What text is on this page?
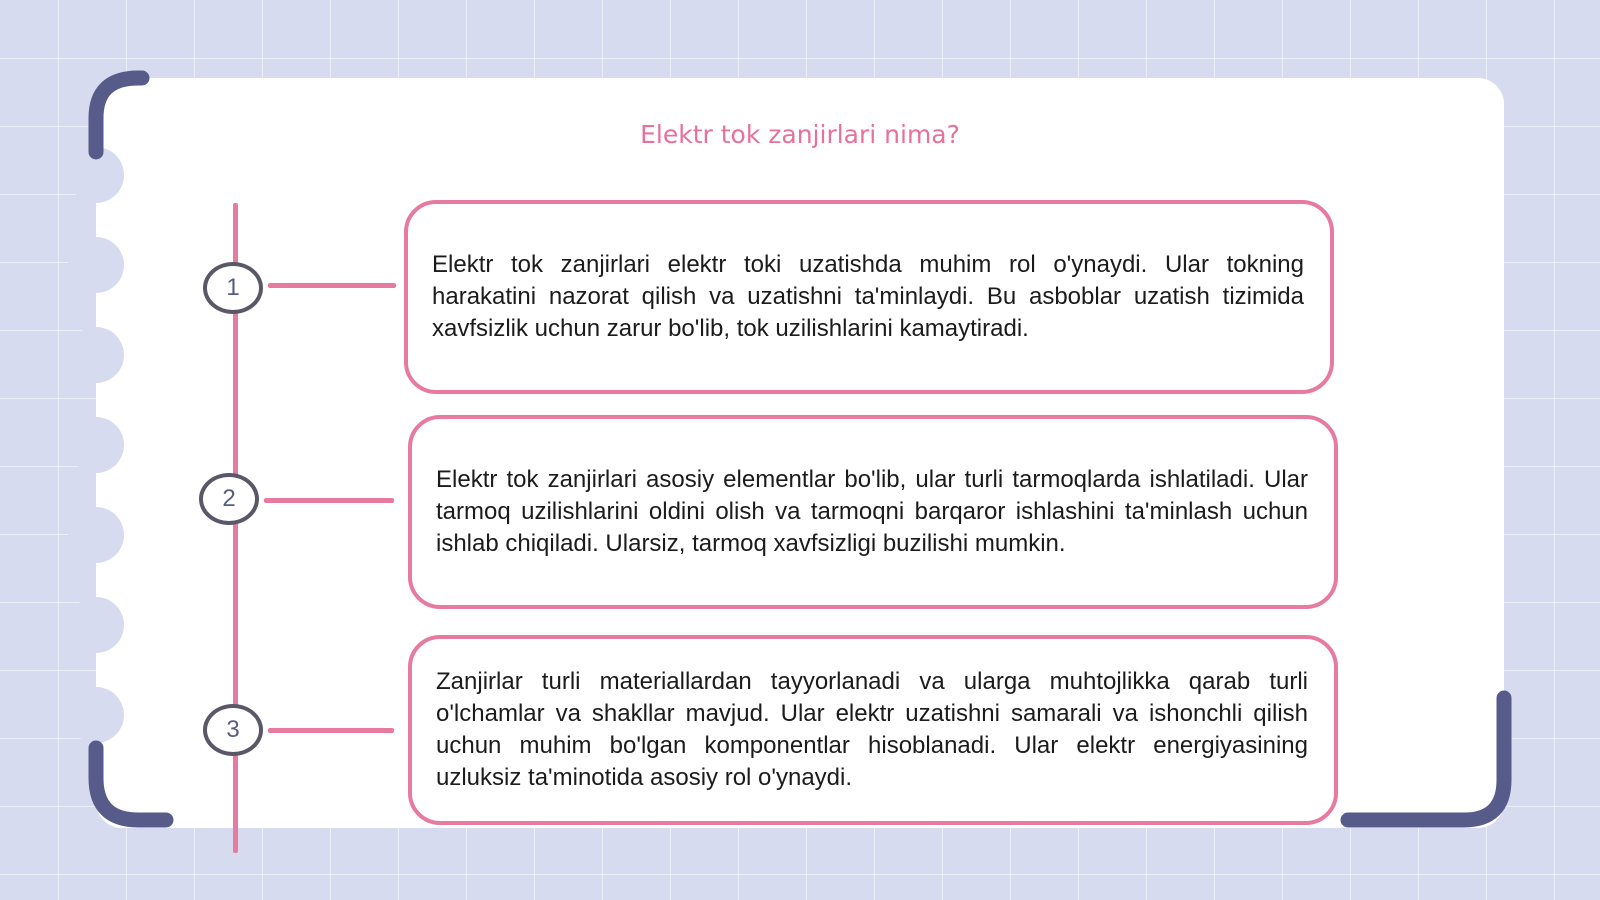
Elektr tok zanjirlari nima?
1
2
3

Elektr tok zanjirlari elektr toki uzatishda muhim rol o'ynaydi. Ular tokning harakatini nazorat qilish va uzatishni ta'minlaydi. Bu asboblar uzatish tizimida xavfsizlik uchun zarur bo'lib, tok uzilishlarini kamaytiradi.

Elektr tok zanjirlari asosiy elementlar bo'lib, ular turli tarmoqlarda ishlatiladi. Ular tarmoq uzilishlarini oldini olish va tarmoqni barqaror ishlashini ta'minlash uchun ishlab chiqiladi. Ularsiz, tarmoq xavfsizligi buzilishi mumkin.

Zanjirlar turli materiallardan tayyorlanadi va ularga muhtojlikka qarab turli o'lchamlar va shakllar mavjud. Ular elektr uzatishni samarali va ishonchli qilish uchun muhim bo'lgan komponentlar hisoblanadi. Ular elektr energiyasining uzluksiz ta'minotida asosiy rol o'ynaydi.
